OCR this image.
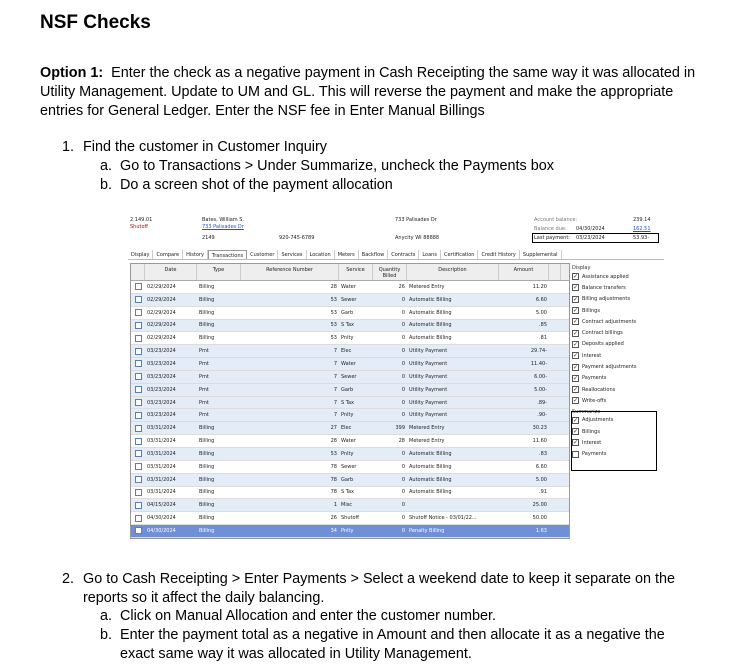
NSF Checks
Option 1: Enter the check as a negative payment in Cash Receipting the same way it was allocated in Utility Management. Update to UM and GL. This will reverse the payment and make the appropriate entries for General Ledger. Enter the NSF fee in Enter Manual Billings
1. Find the customer in Customer Inquiry
a. Go to Transactions > Under Summarize, uncheck the Payments box
b. Do a screen shot of the payment allocation
2.149.01
Shutoff
Bates, William S.
733 Palisades Dr
2149	920-745-6789
733 Palisades Dr
Anycity WI 88888
Account balance:	239.14
Balance due: 04/30/2024	162.51
Last payment: 03/23/2024	53.93-
Display	Compare	History	Transactions	Customer	Services	Location	Meters	Backflow	Contracts	Loans	Certification	Credit History	Supplemental
Date	Type	Reference Number	Service	Quantity Billed
Description	Amount
02/29/2024	Billing	28 Water	26 Metered Entry	11.20
02/29/2024	Billing	53 Sewer	0 Automatic Billing	6.60
02/29/2024	Billing	53 Garb	0 Automatic Billing	5.00
02/29/2024	Billing	53 S Tax	0 Automatic Billing	.85
02/29/2024	Billing	53 Pnlty	0 Automatic Billing	.81
03/23/2024	Pmt	7 Elec	0 Utility Payment	29.74-
03/23/2024	Pmt	7 Water	0 Utility Payment	11.40-
03/23/2024	Pmt	7 Sewer	0 Utility Payment	6.00-
03/23/2024	Pmt	7 Garb	0 Utility Payment	5.00-
03/23/2024	Pmt	7 S Tax	0 Utility Payment	.89-
03/23/2024	Pmt	7 Pnlty	0 Utility Payment	.90-
03/31/2024	Billing	27 Elec	399 Metered Entry	30.23
03/31/2024	Billing	28 Water	28 Metered Entry	11.60
03/31/2024	Billing	53 Pnlty	0 Automatic Billing	.83
03/31/2024	Billing	78 Sewer	0 Automatic Billing	6.60
03/31/2024	Billing	78 Garb	0 Automatic Billing	5.00
03/31/2024	Billing	78 S Tax	0 Automatic Billing	.91
04/15/2024	Billing	1 Misc	0	25.00
04/30/2024	Billing	26 Shutoff	0 Shutoff Notice - 03/01/22...	50.00
04/30/2024	Billing	34 Pnlty	0 Penalty Billing	1.63
Display
✓ Assistance applied
✓ Balance transfers
✓ Billing adjustments
✓ Billings
✓ Contract adjustments
✓ Contract billings
✓ Deposits applied
✓ Interest
✓ Payment adjustments
✓ Payments
✓ Reallocations
✓ Write-offs
Summarize
✓ Adjustments
✓ Billings
✓ Interest
Payments
2. Go to Cash Receipting > Enter Payments > Select a weekend date to keep it separate on the reports so it affect the daily balancing.
a. Click on Manual Allocation and enter the customer number.
b. Enter the payment total as a negative in Amount and then allocate it as a negative the exact same way it was allocated in Utility Management.
